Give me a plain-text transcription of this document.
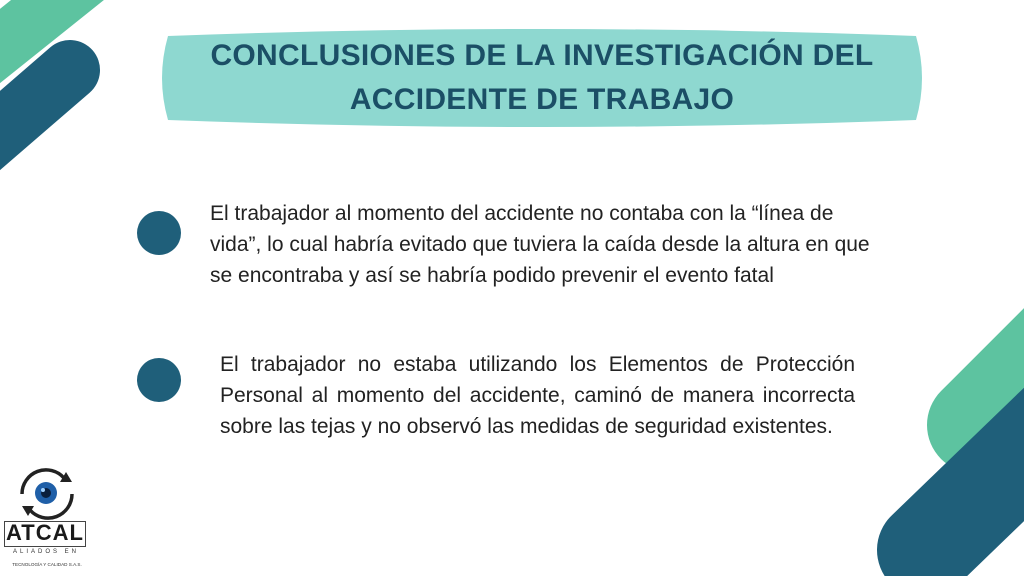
CONCLUSIONES DE LA INVESTIGACIÓN DEL
ACCIDENTE DE TRABAJO
El trabajador al momento del accidente no contaba con la “línea de vida”, lo cual habría evitado que tuviera la caída desde la altura en que se encontraba y así se habría podido prevenir el evento fatal
El trabajador no estaba utilizando los Elementos de Protección Personal al momento del accidente, caminó de manera incorrecta sobre las tejas y no observó las medidas de seguridad existentes.
ATCAL
ALIADOS EN
TECNOLOGÍA Y CALIDAD S.A.S.
